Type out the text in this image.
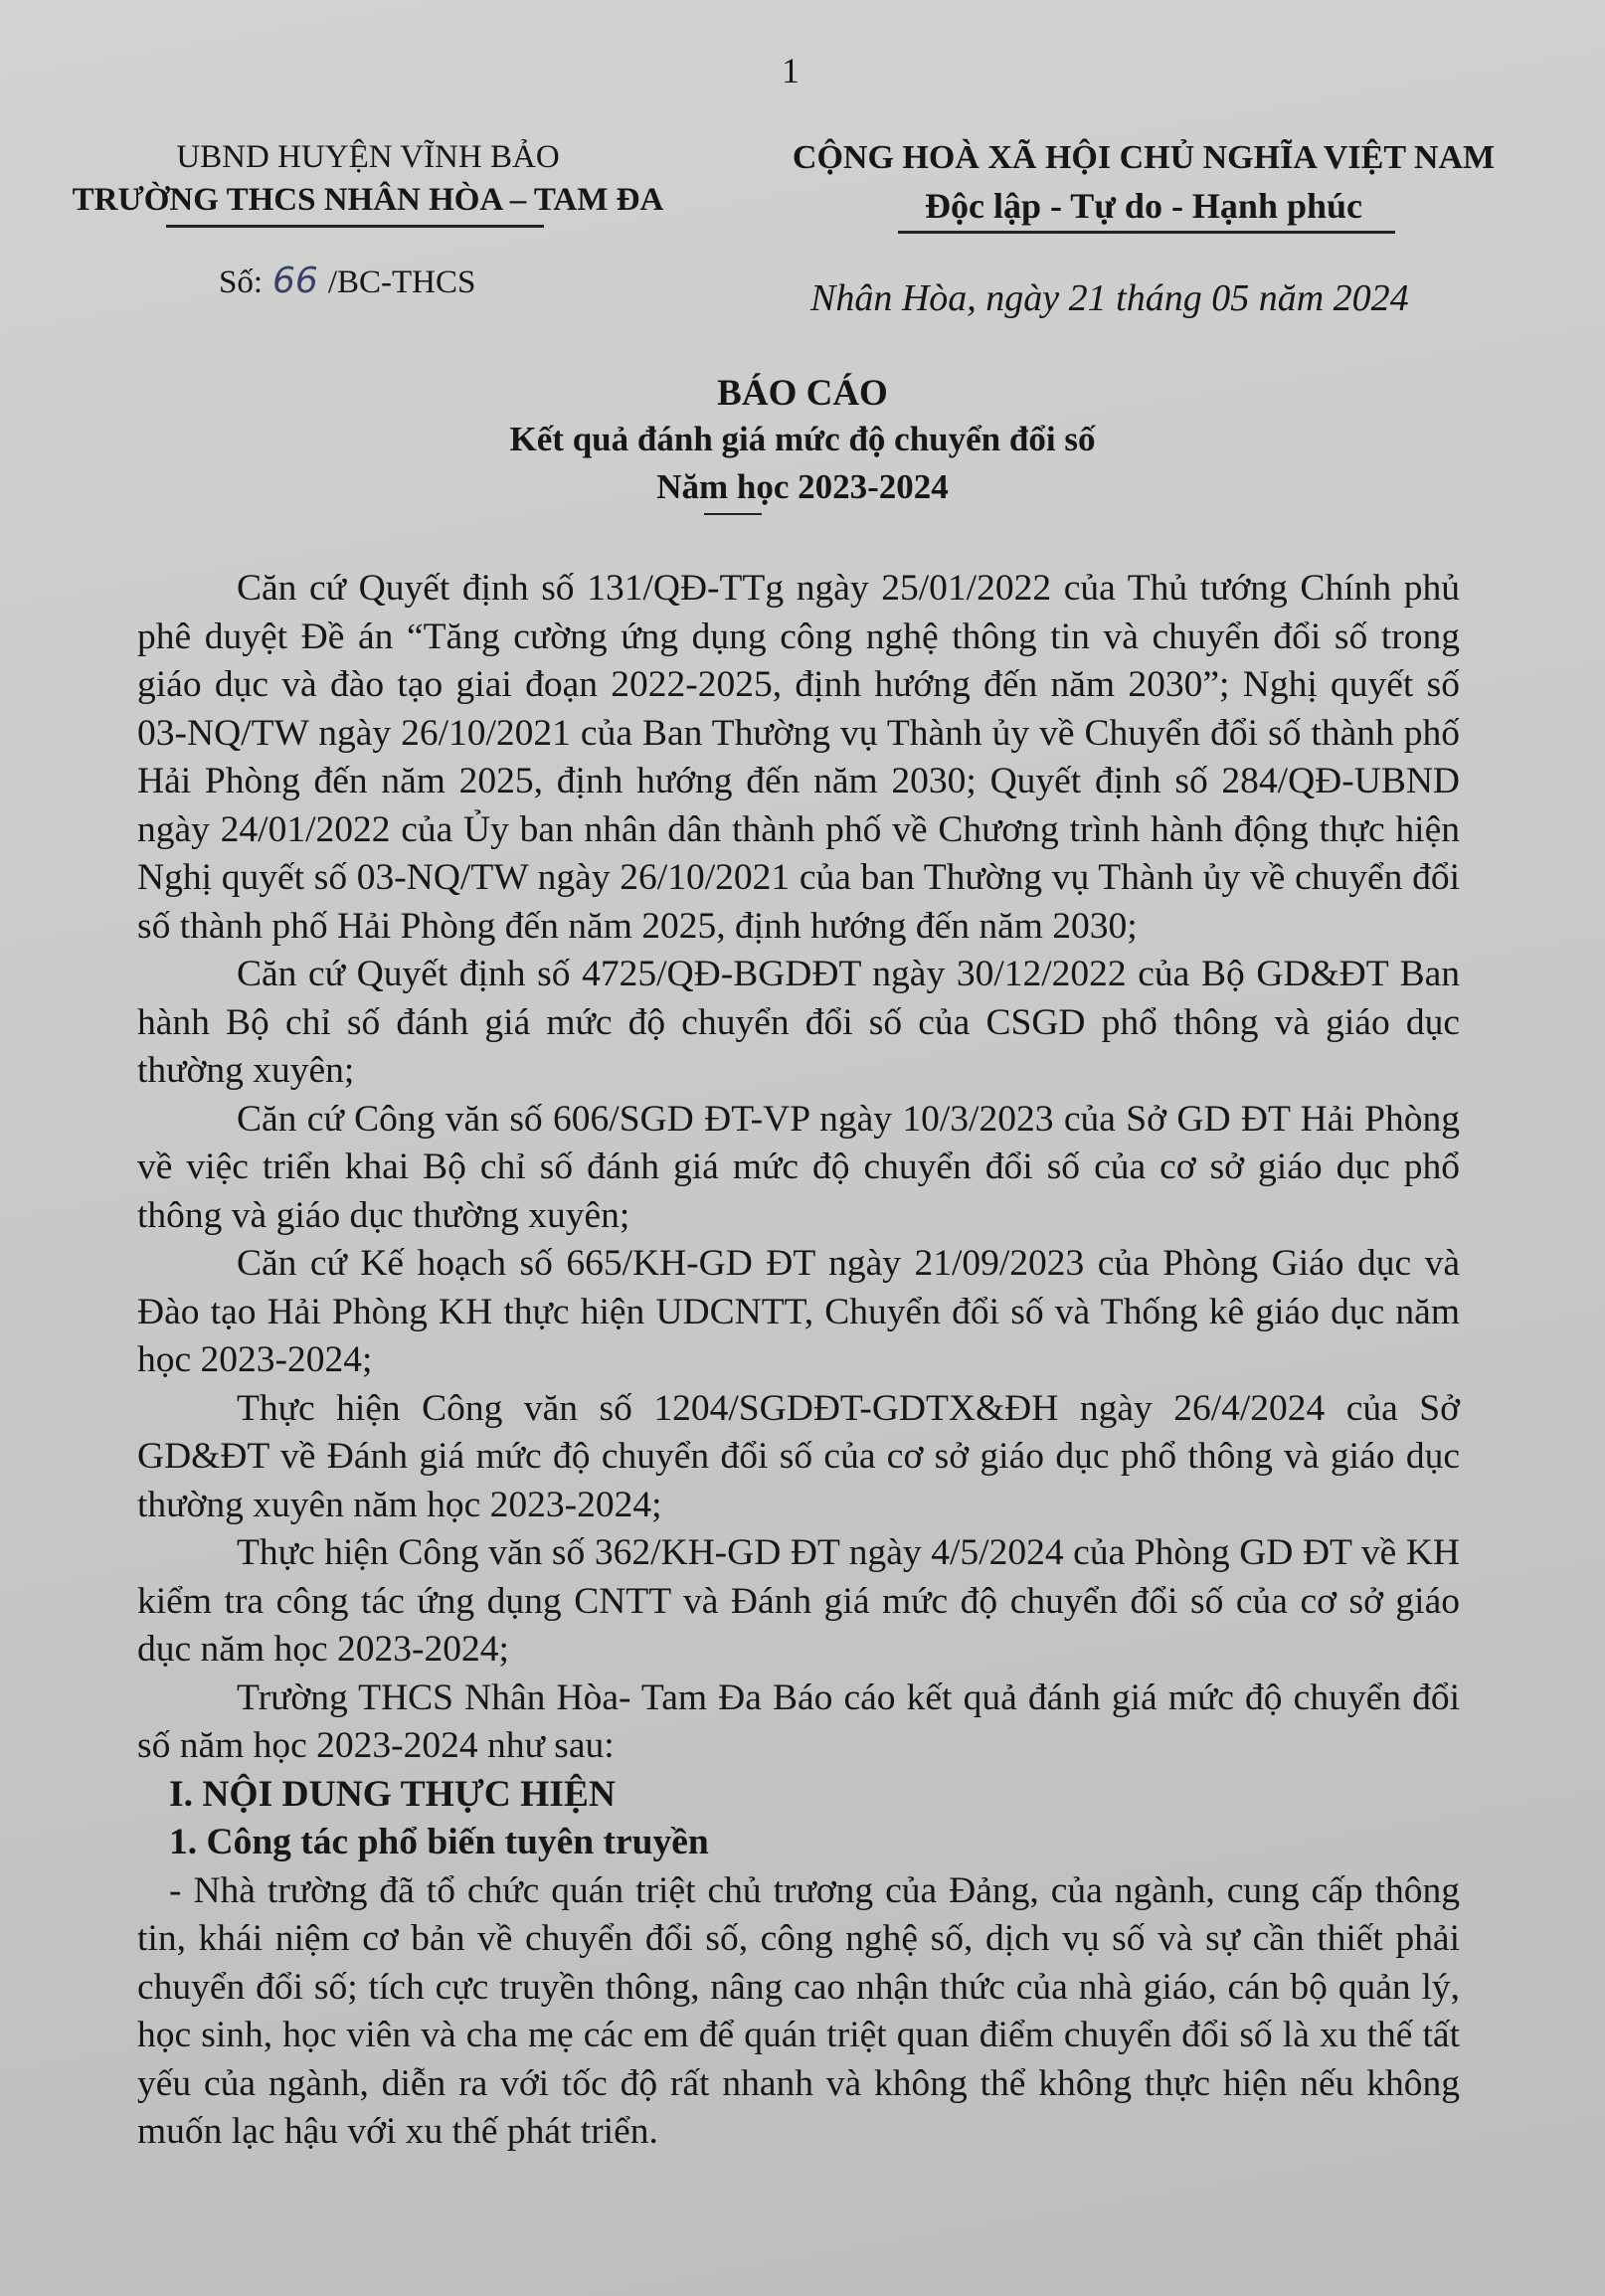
1
UBND HUYỆN VĨNH BẢO
TRƯỜNG THCS NHÂN HÒA – TAM ĐA
CỘNG HOÀ XÃ HỘI CHỦ NGHĨA VIỆT NAM
Độc lập - Tự do - Hạnh phúc
Số: 66 /BC-THCS	Nhân Hòa, ngày 21 tháng 05 năm 2024
BÁO CÁO
Kết quả đánh giá mức độ chuyển đổi số
Năm học 2023-2024

Căn cứ Quyết định số 131/QĐ-TTg ngày 25/01/2022 của Thủ tướng Chính phủ phê duyệt Đề án “Tăng cường ứng dụng công nghệ thông tin và chuyển đổi số trong giáo dục và đào tạo giai đoạn 2022-2025, định hướng đến năm 2030”; Nghị quyết số 03-NQ/TW ngày 26/10/2021 của Ban Thường vụ Thành ủy về Chuyển đổi số thành phố Hải Phòng đến năm 2025, định hướng đến năm 2030; Quyết định số 284/QĐ-UBND ngày 24/01/2022 của Ủy ban nhân dân thành phố về Chương trình hành động thực hiện Nghị quyết số 03-NQ/TW ngày 26/10/2021 của ban Thường vụ Thành ủy về chuyển đổi số thành phố Hải Phòng đến năm 2025, định hướng đến năm 2030;

Căn cứ Quyết định số 4725/QĐ-BGDĐT ngày 30/12/2022 của Bộ GD&ĐT Ban hành Bộ chỉ số đánh giá mức độ chuyển đổi số của CSGD phổ thông và giáo dục thường xuyên;

Căn cứ Công văn số 606/SGD ĐT-VP ngày 10/3/2023 của Sở GD ĐT Hải Phòng về việc triển khai Bộ chỉ số đánh giá mức độ chuyển đổi số của cơ sở giáo dục phổ thông và giáo dục thường xuyên;

Căn cứ Kế hoạch số 665/KH-GD ĐT ngày 21/09/2023 của Phòng Giáo dục và Đào tạo Hải Phòng KH thực hiện UDCNTT, Chuyển đổi số và Thống kê giáo dục năm học 2023-2024;

Thực hiện Công văn số 1204/SGDĐT-GDTX&ĐH ngày 26/4/2024 của Sở GD&ĐT về Đánh giá mức độ chuyển đổi số của cơ sở giáo dục phổ thông và giáo dục thường xuyên năm học 2023-2024;

Thực hiện Công văn số 362/KH-GD ĐT ngày 4/5/2024 của Phòng GD ĐT về KH kiểm tra công tác ứng dụng CNTT và Đánh giá mức độ chuyển đổi số của cơ sở giáo dục năm học 2023-2024;

Trường THCS Nhân Hòa- Tam Đa Báo cáo kết quả đánh giá mức độ chuyển đổi số năm học 2023-2024 như sau:

I. NỘI DUNG THỰC HIỆN

1. Công tác phổ biến tuyên truyền

- Nhà trường đã tổ chức quán triệt chủ trương của Đảng, của ngành, cung cấp thông tin, khái niệm cơ bản về chuyển đổi số, công nghệ số, dịch vụ số và sự cần thiết phải chuyển đổi số; tích cực truyền thông, nâng cao nhận thức của nhà giáo, cán bộ quản lý, học sinh, học viên và cha mẹ các em để quán triệt quan điểm chuyển đổi số là xu thế tất yếu của ngành, diễn ra với tốc độ rất nhanh và không thể không thực hiện nếu không muốn lạc hậu với xu thế phát triển.
